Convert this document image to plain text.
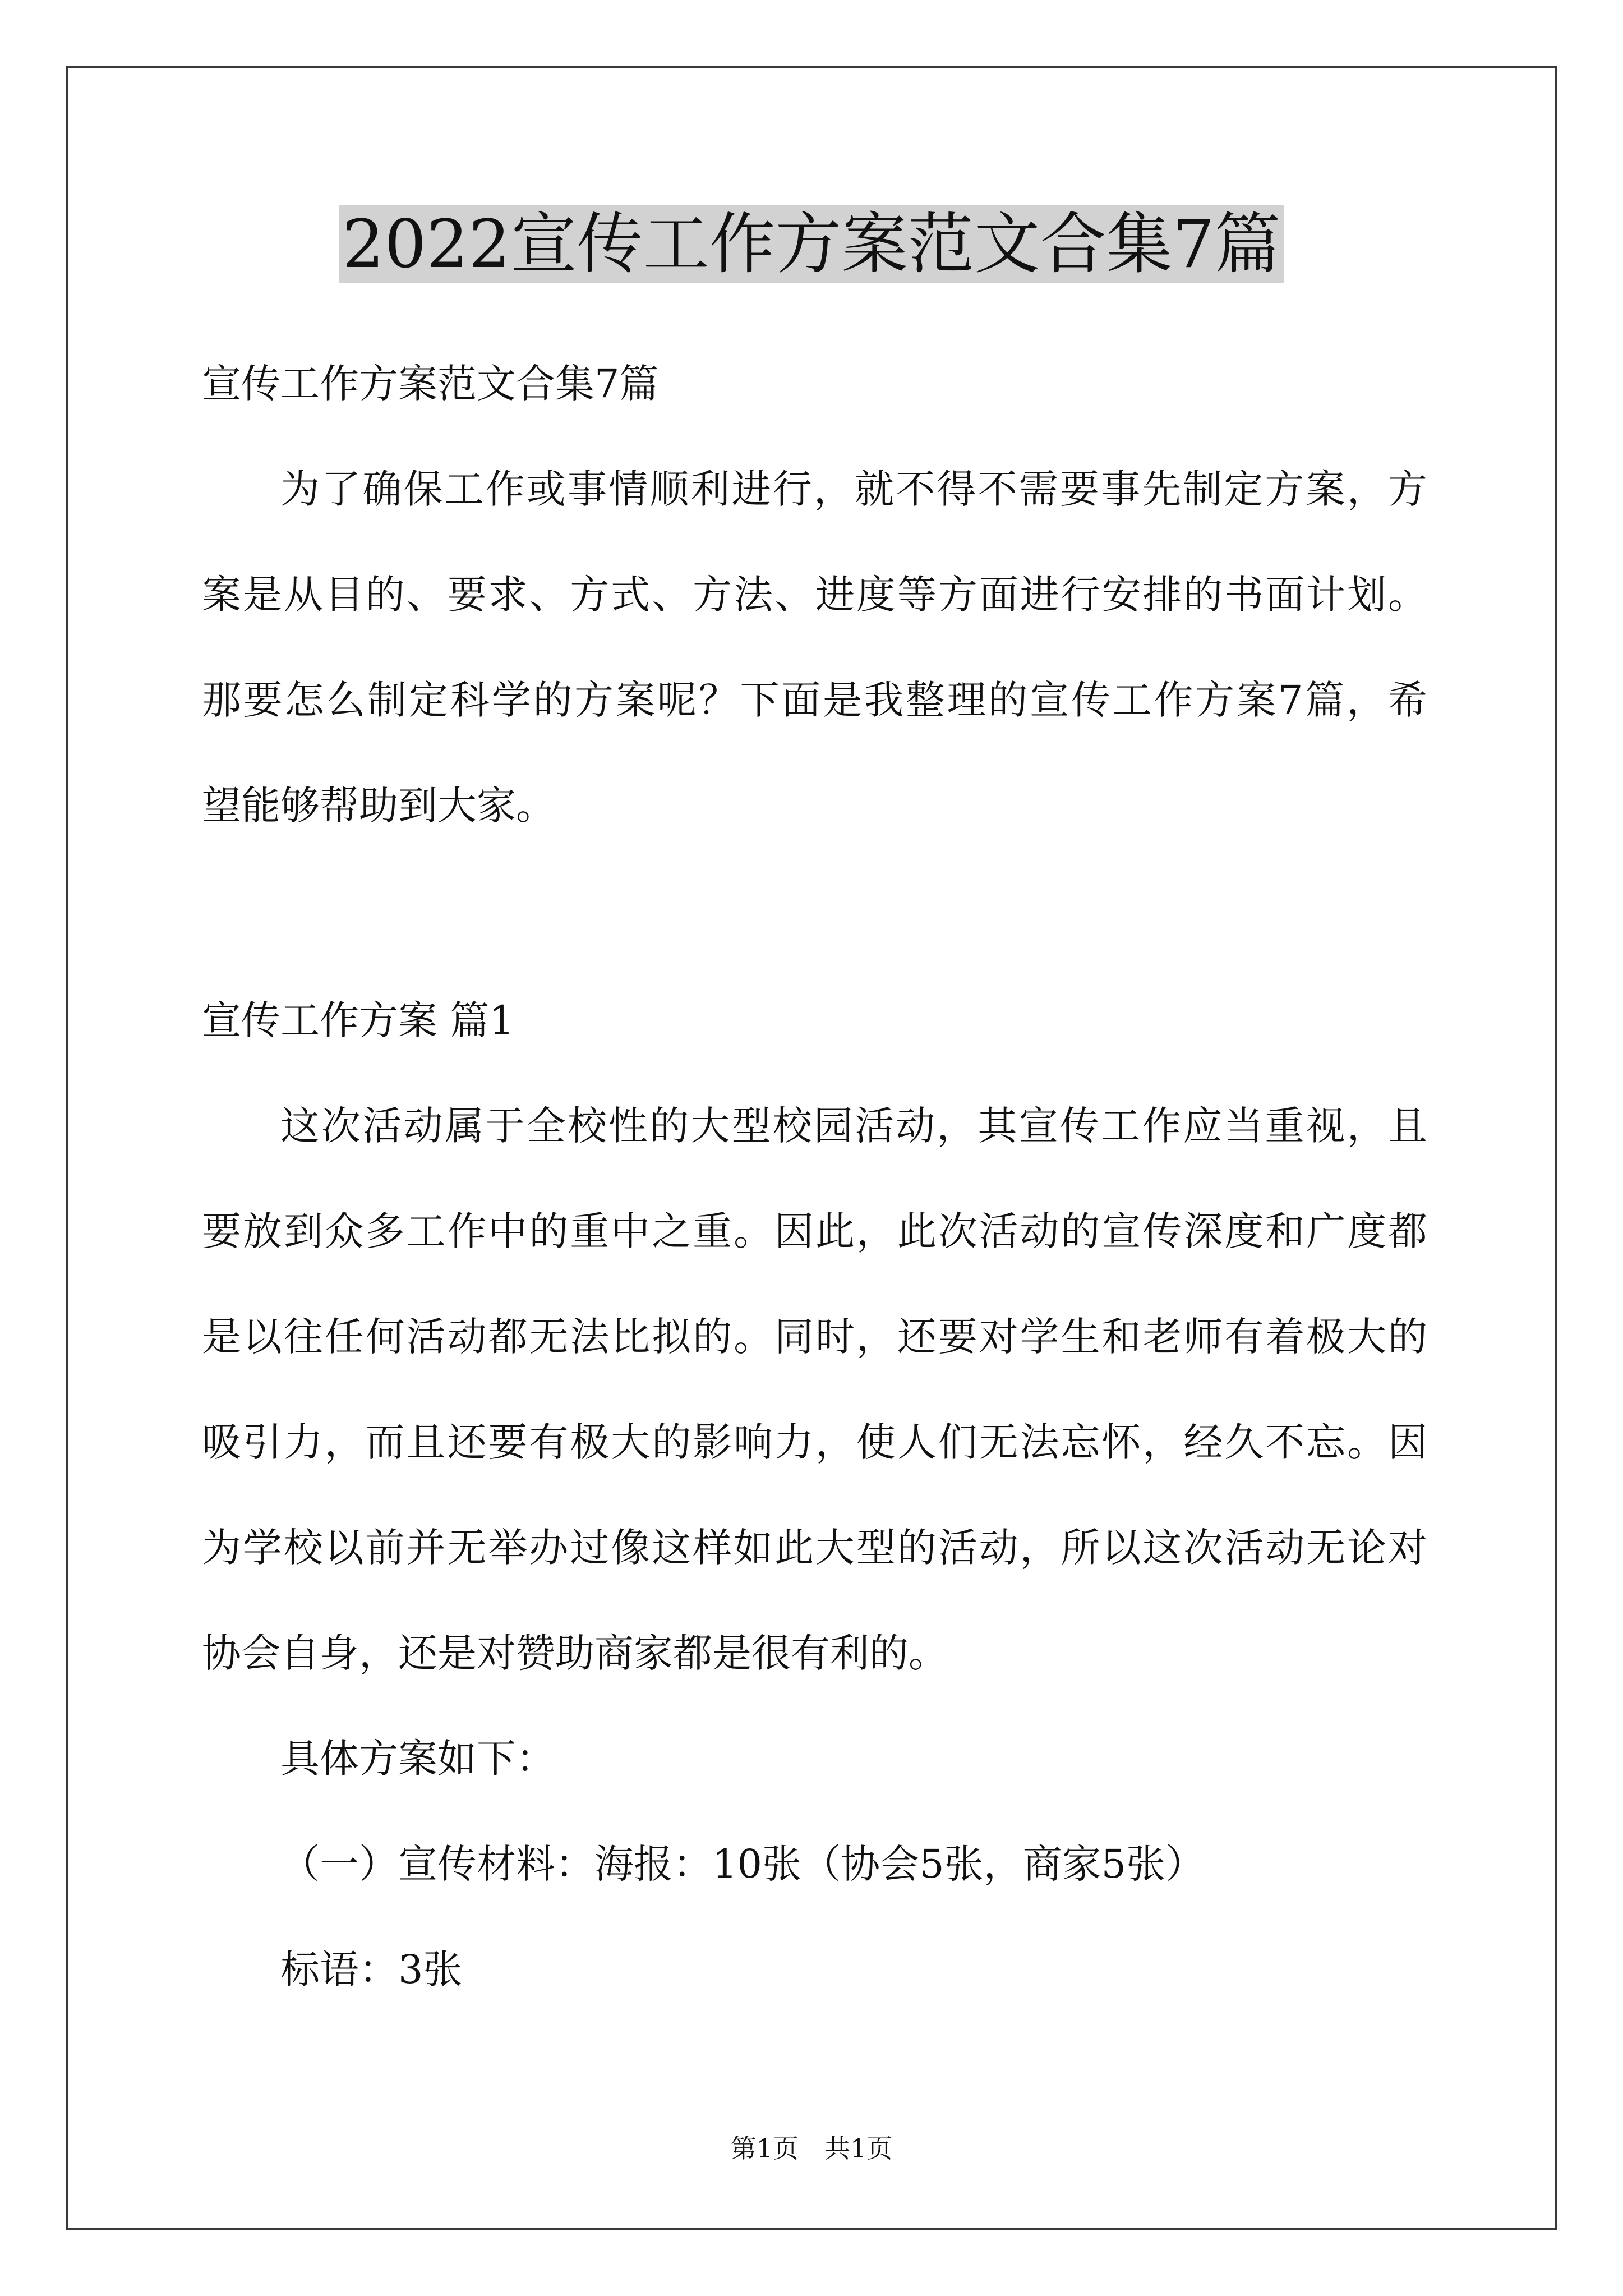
2022宣传工作方案范文合集7篇

宣传工作方案范文合集7篇

为了确保工作或事情顺利进行，就不得不需要事先制定方案，方
案是从目的、要求、方式、方法、进度等方面进行安排的书面计划。
那要怎么制定科学的方案呢？下面是我整理的宣传工作方案7篇，希
望能够帮助到大家。

宣传工作方案 篇1

这次活动属于全校性的大型校园活动，其宣传工作应当重视，且
要放到众多工作中的重中之重。因此，此次活动的宣传深度和广度都
是以往任何活动都无法比拟的。同时，还要对学生和老师有着极大的
吸引力，而且还要有极大的影响力，使人们无法忘怀，经久不忘。因
为学校以前并无举办过像这样如此大型的活动，所以这次活动无论对
协会自身，还是对赞助商家都是很有利的。

具体方案如下：

（一）宣传材料：海报：10张（协会5张，商家5张）

标语：3张

第1页　共1页
